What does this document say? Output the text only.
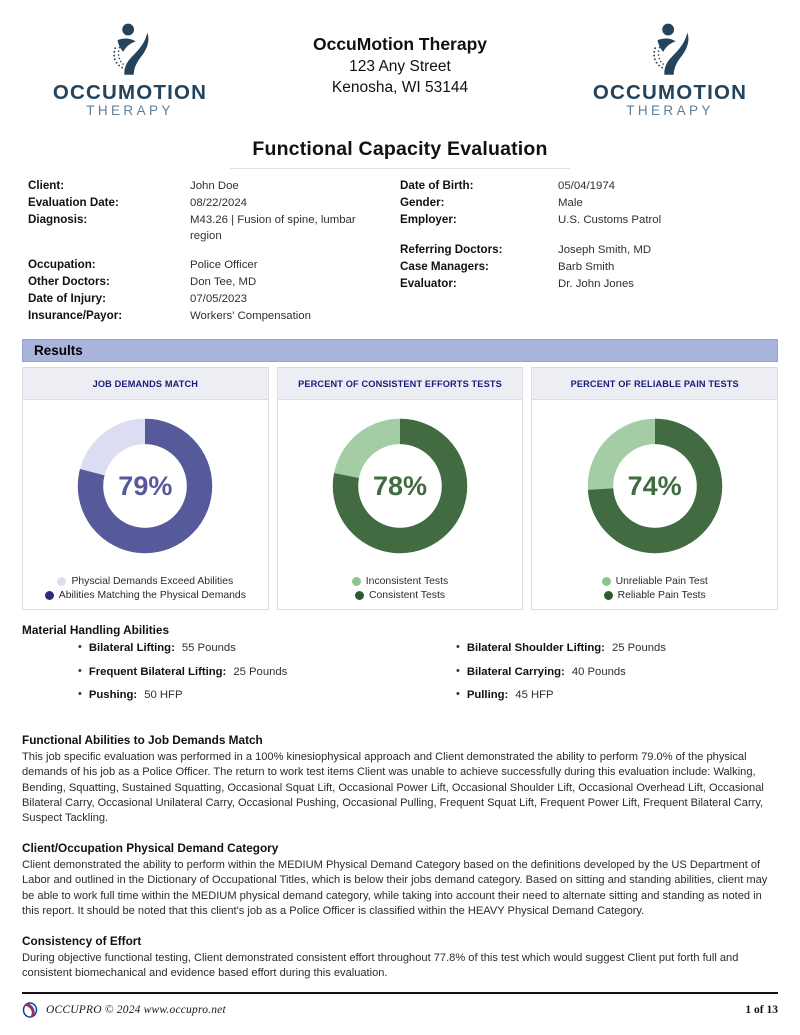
OCCUMOTION
THERAPY
OccuMotion Therapy
123 Any Street
Kenosha, WI 53144	OCCUMOTION
THERAPY
Functional Capacity Evaluation
Client:	John Doe
Evaluation Date:	08/22/2024
Diagnosis:	M43.26 | Fusion of spine, lumbar region
Occupation:	Police Officer
Other Doctors:	Don Tee, MD
Date of Injury:	07/05/2023
Insurance/Payor:	Workers' Compensation
Date of Birth:	05/04/1974
Gender:	Male
Employer:	U.S. Customs Patrol
Referring Doctors:	Joseph Smith, MD
Case Managers:	Barb Smith
Evaluator:	Dr. John Jones
Results
JOB DEMANDS MATCH
79%
Physcial Demands Exceed Abilities
Abilities Matching the Physical Demands
PERCENT OF CONSISTENT EFFORTS TESTS
78%
Inconsistent Tests
Consistent Tests
PERCENT OF RELIABLE PAIN TESTS
74%
Unreliable Pain Test
Reliable Pain Tests
Material Handling Abilities
• Bilateral Lifting: 55 Pounds
• Frequent Bilateral Lifting: 25 Pounds
• Pushing: 50 HFP
• Bilateral Shoulder Lifting: 25 Pounds
• Bilateral Carrying: 40 Pounds
• Pulling: 45 HFP
Functional Abilities to Job Demands Match
This job specific evaluation was performed in a 100% kinesiophysical approach and Client demonstrated the ability to perform 79.0% of the physical demands of his job as a Police Officer. The return to work test items Client was unable to achieve successfully during this evaluation include: Walking, Bending, Squatting, Sustained Squatting, Occasional Squat Lift, Occasional Power Lift, Occasional Shoulder Lift, Occasional Overhead Lift, Occasional Bilateral Carry, Occasional Unilateral Carry, Occasional Pushing, Occasional Pulling, Frequent Squat Lift, Frequent Power Lift, Frequent Bilateral Carry, Suspect Tackling.
Client/Occupation Physical Demand Category
Client demonstrated the ability to perform within the MEDIUM Physical Demand Category based on the definitions developed by the US Department of Labor and outlined in the Dictionary of Occupational Titles, which is below their jobs demand category. Based on sitting and standing abilities, client may be able to work full time within the MEDIUM physical demand category, while taking into account their need to alternate sitting and standing as noted in this report. It should be noted that this client's job as a Police Officer is classified within the HEAVY Physical Demand Category.
Consistency of Effort
During objective functional testing, Client demonstrated consistent effort throughout 77.8% of this test which would suggest Client put forth full and consistent biomechanical and evidence based effort during this evaluation.
OCCUPRO © 2024 www.occupro.net	1 of 13
